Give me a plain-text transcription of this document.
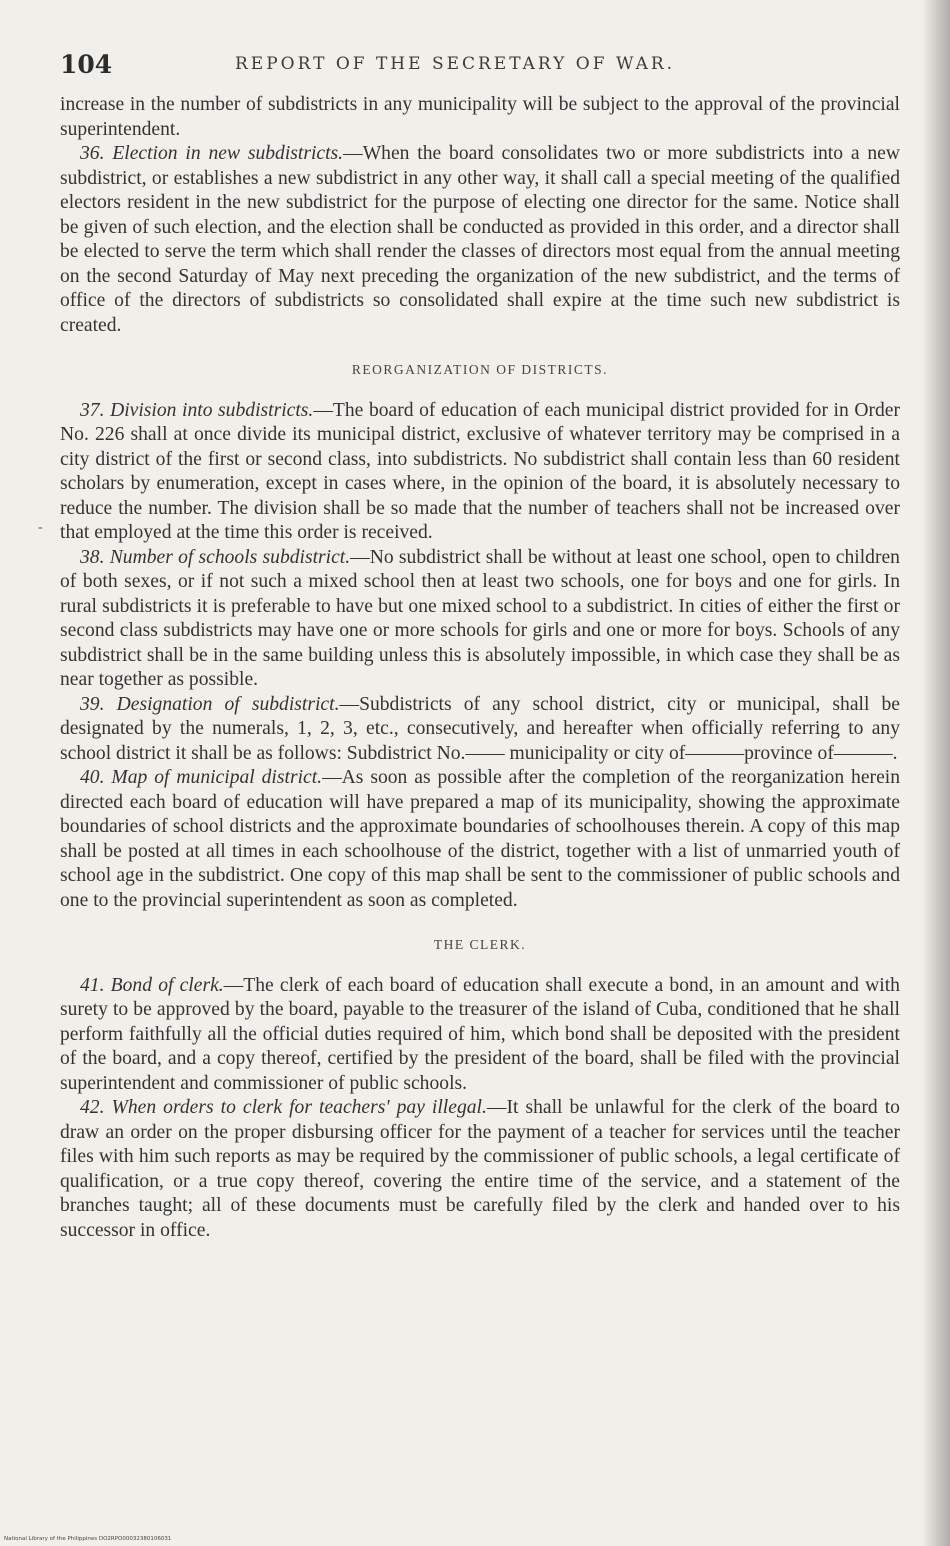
104	REPORT OF THE SECRETARY OF WAR.
-

increase in the number of subdistricts in any municipality will be subject to the approval of the provincial superintendent.

36. Election in new subdistricts.—When the board consolidates two or more subdistricts into a new subdistrict, or establishes a new subdistrict in any other way, it shall call a special meeting of the qualified electors resident in the new subdistrict for the purpose of electing one director for the same. Notice shall be given of such election, and the election shall be conducted as provided in this order, and a director shall be elected to serve the term which shall render the classes of directors most equal from the annual meeting on the second Saturday of May next preceding the organization of the new subdistrict, and the terms of office of the directors of subdistricts so consolidated shall expire at the time such new subdistrict is created.

REORGANIZATION OF DISTRICTS.

37. Division into subdistricts.—The board of education of each municipal district provided for in Order No. 226 shall at once divide its municipal district, exclusive of whatever territory may be comprised in a city district of the first or second class, into subdistricts. No subdistrict shall contain less than 60 resident scholars by enumeration, except in cases where, in the opinion of the board, it is absolutely necessary to reduce the number. The division shall be so made that the number of teachers shall not be increased over that employed at the time this order is received.

38. Number of schools subdistrict.—No subdistrict shall be without at least one school, open to children of both sexes, or if not such a mixed school then at least two schools, one for boys and one for girls. In rural subdistricts it is preferable to have but one mixed school to a subdistrict. In cities of either the first or second class subdistricts may have one or more schools for girls and one or more for boys. Schools of any subdistrict shall be in the same building unless this is absolutely impossible, in which case they shall be as near together as possible.

39. Designation of subdistrict.—Subdistricts of any school district, city or municipal, shall be designated by the numerals, 1, 2, 3, etc., consecutively, and hereafter when officially referring to any school district it shall be as follows: Subdistrict No.—— municipality or city of———province of———.

40. Map of municipal district.—As soon as possible after the completion of the reorganization herein directed each board of education will have prepared a map of its municipality, showing the approximate boundaries of school districts and the approximate boundaries of schoolhouses therein. A copy of this map shall be posted at all times in each schoolhouse of the district, together with a list of unmarried youth of school age in the subdistrict. One copy of this map shall be sent to the commissioner of public schools and one to the provincial superintendent as soon as completed.

THE CLERK.

41. Bond of clerk.—The clerk of each board of education shall execute a bond, in an amount and with surety to be approved by the board, payable to the treasurer of the island of Cuba, conditioned that he shall perform faithfully all the official duties required of him, which bond shall be deposited with the president of the board, and a copy thereof, certified by the president of the board, shall be filed with the provincial superintendent and commissioner of public schools.

42. When orders to clerk for teachers' pay illegal.—It shall be unlawful for the clerk of the board to draw an order on the proper disbursing officer for the payment of a teacher for services until the teacher files with him such reports as may be required by the commissioner of public schools, a legal certificate of qualification, or a true copy thereof, covering the entire time of the service, and a statement of the branches taught; all of these documents must be carefully filed by the clerk and handed over to his successor in office.

National Library of the Philippines DO2RPO00032380106031
